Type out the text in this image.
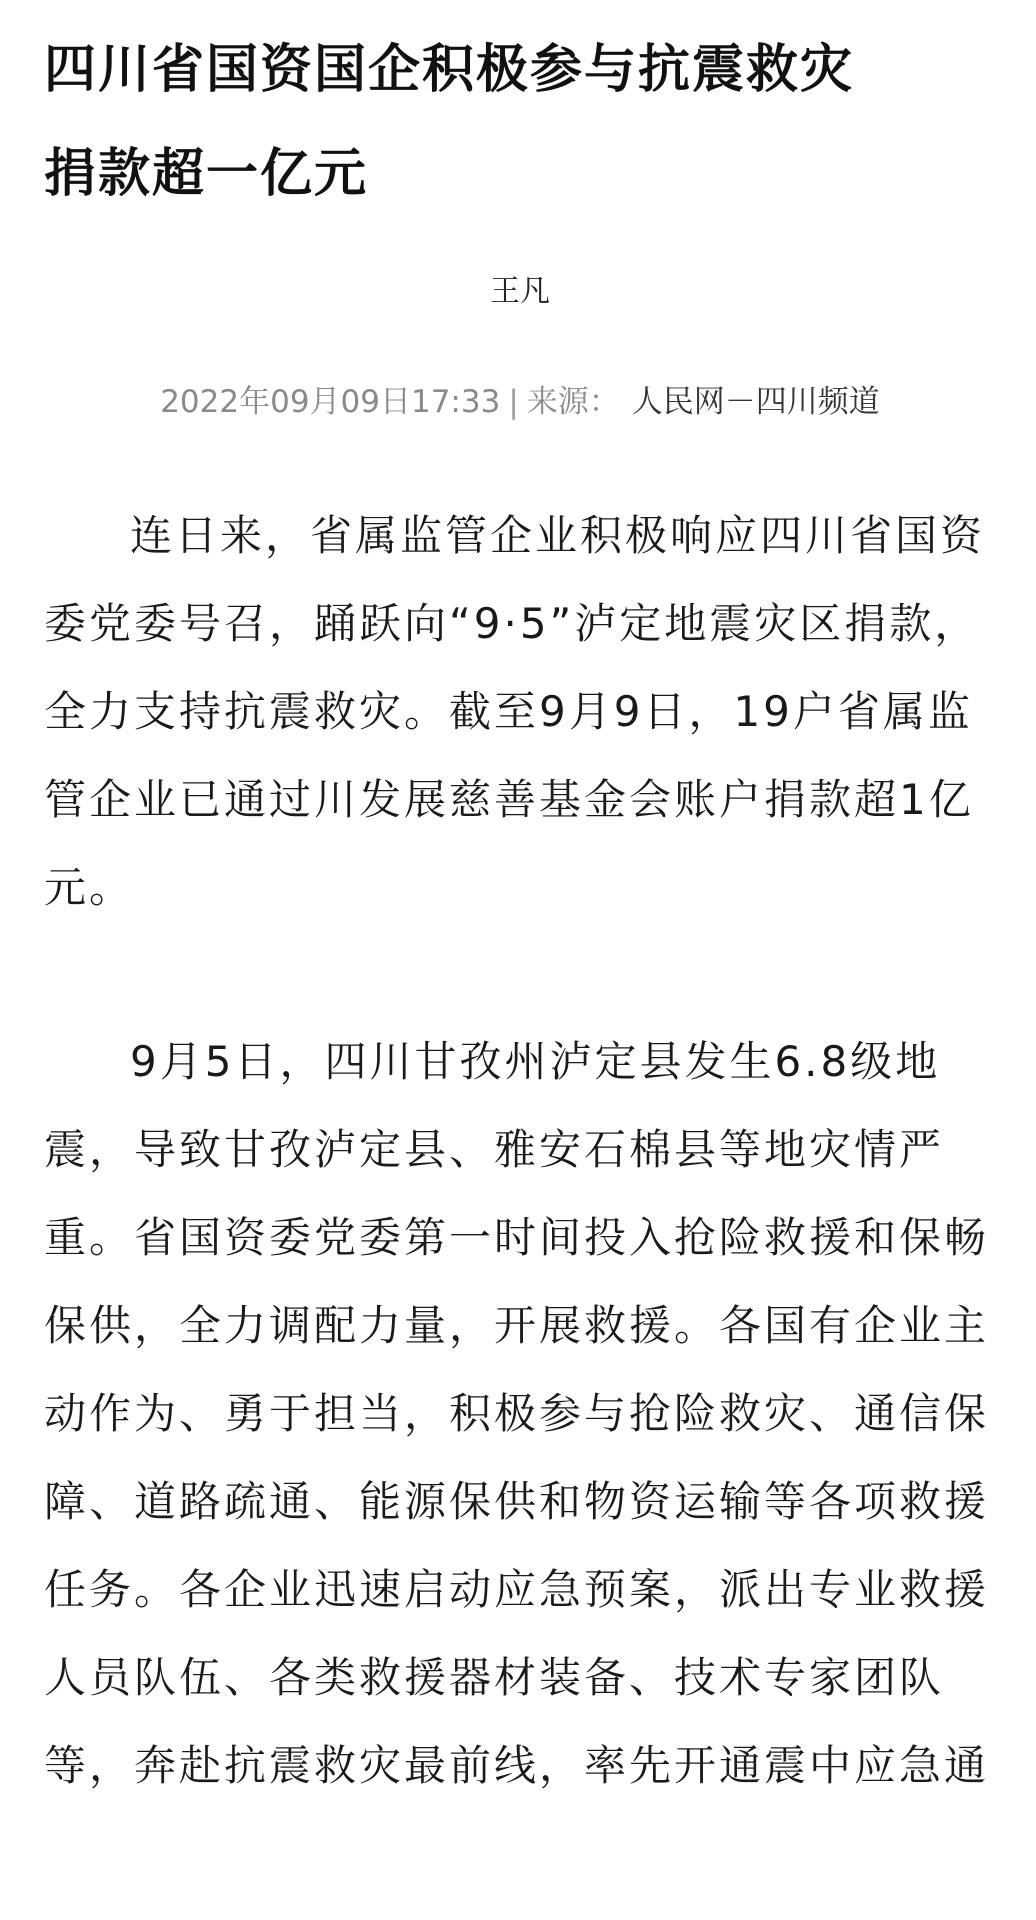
四川省国资国企积极参与抗震救灾
捐款超一亿元
王凡
2022年09月09日17:33 | 来源： 人民网－四川频道

连日来，省属监管企业积极响应四川省国资
委党委号召，踊跃向“9·5”泸定地震灾区捐款，
全力支持抗震救灾。截至9月9日，19户省属监
管企业已通过川发展慈善基金会账户捐款超1亿
元。

9月5日，四川甘孜州泸定县发生6.8级地
震，导致甘孜泸定县、雅安石棉县等地灾情严
重。省国资委党委第一时间投入抢险救援和保畅
保供，全力调配力量，开展救援。各国有企业主
动作为、勇于担当，积极参与抢险救灾、通信保
障、道路疏通、能源保供和物资运输等各项救援
任务。各企业迅速启动应急预案，派出专业救援
人员队伍、各类救援器材装备、技术专家团队
等，奔赴抗震救灾最前线，率先开通震中应急通
